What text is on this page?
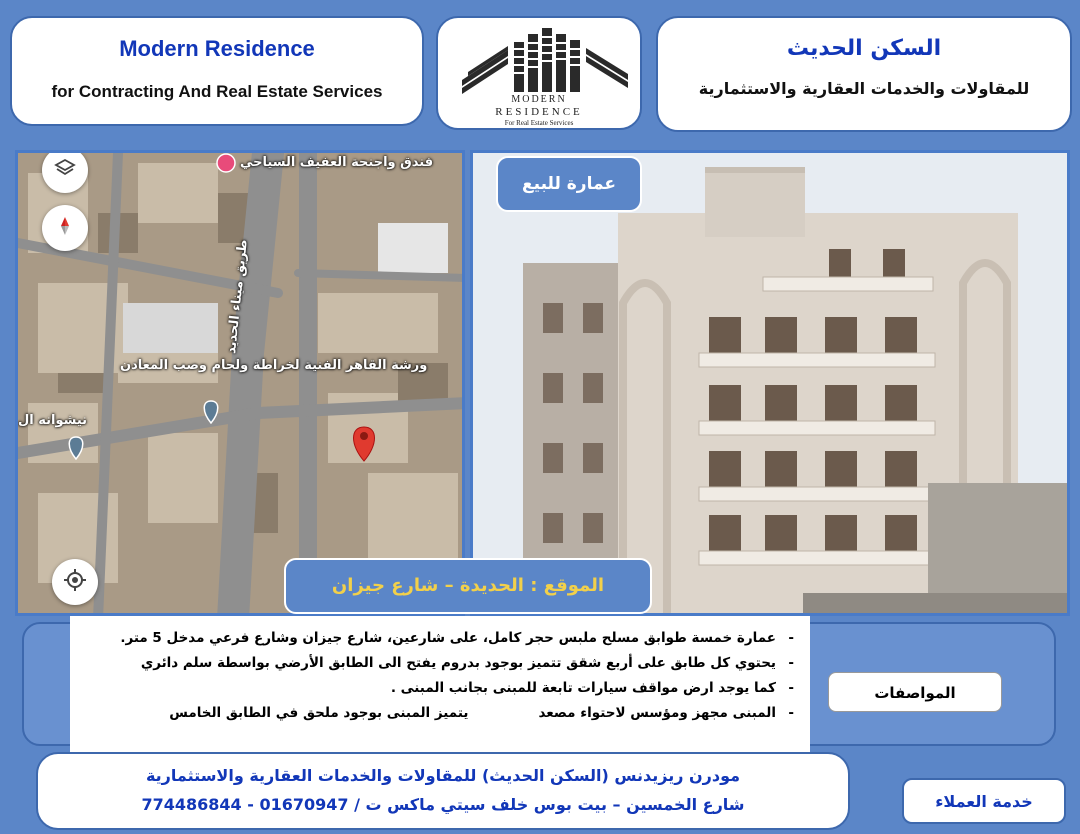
Modern Residence
for Contracting And Real Estate Services	MODERN
RESIDENCE
For Real Estate Services
السكن الحديث
للمقاولات والخدمات العقارية والاستثمارية
فندق واجنحة العفيف السياحي
ورشة القاهر الفنية لخراطة ولحام وصب المعادن
نيشوانه ال
طريق ميناء الحديد
عمارة للبيع
الموقع : الحديدة – شارع جيزان
-عمارة خمسة طوابق مسلح ملبس حجر كامل، على شارعين، شارع جيزان وشارع فرعي مدخل 5 متر.
-يحتوي كل طابق على أربع شقق تتميز بوجود بدروم يفتح الى الطابق الأرضي بواسطة سلم دائري
-كما يوجد ارض مواقف سيارات تابعة للمبنى بجانب المبنى .
-المبنى مجهز ومؤسس لاحتواء مصعديتميز المبنى بوجود ملحق في الطابق الخامس
المواصفات
مودرن ريزيدنس (السكن الحديث) للمقاولات والخدمات العقارية والاستثمارية
شارع الخمسين – بيت بوس خلف سيتي ماكس ت / 01670947 - 774486844	خدمة العملاء
